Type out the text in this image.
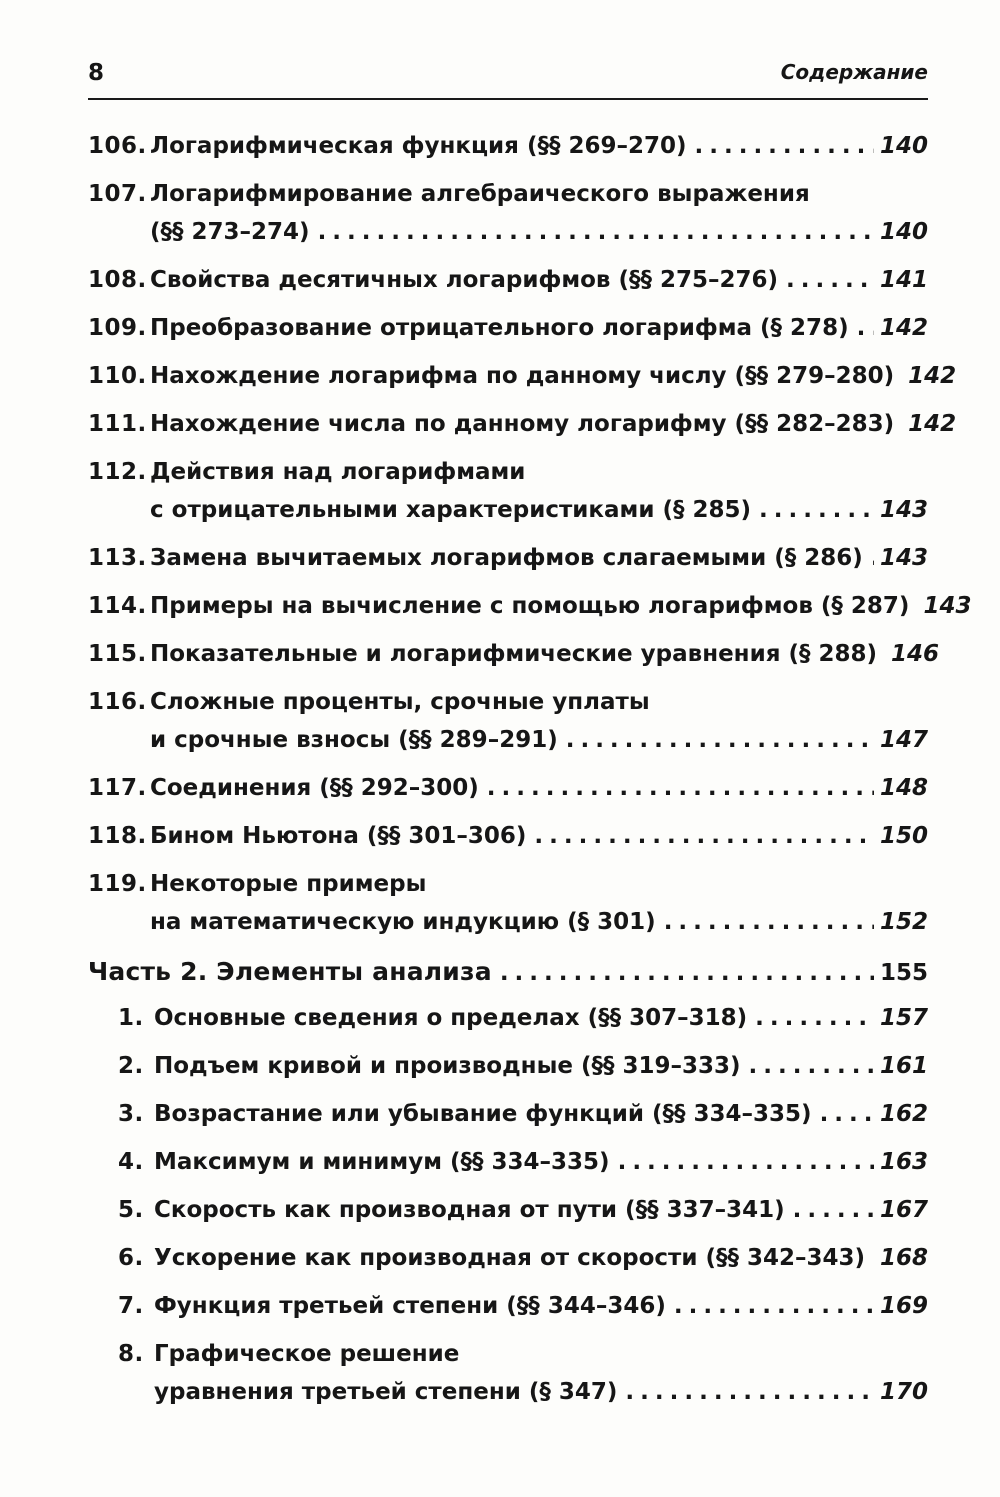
8	Содержание
106. Логарифмическая функция (§§ 269–270) .....	140
107. Логарифмирование алгебраического выражения
(§§ 273–274) .....	140
108. Свойства десятичных логарифмов (§§ 275–276) .....	141
109. Преобразование отрицательного логарифма (§ 278) ..... 142
110. Нахождение логарифма по данному числу (§§ 279–280) 142
111. Нахождение числа по данному логарифму (§§ 282–283) 142
112. Действия над логарифмами
с отрицательными характеристиками (§ 285) .....	143
113. Замена вычитаемых логарифмов слагаемыми (§ 286) ..... 143
114. Примеры на вычисление с помощью логарифмов (§ 287) 143
115. Показательные и логарифмические уравнения (§ 288) 146
116. Сложные проценты, срочные уплаты
и срочные взносы (§§ 289–291) .....	147
117. Соединения (§§ 292–300) .....	148
118. Бином Ньютона (§§ 301–306) .....	150
119. Некоторые примеры
на математическую индукцию (§ 301) .....	152
Часть 2. Элементы анализа .....	155
1. Основные сведения о пределах (§§ 307–318) .....	157
2. Подъем кривой и производные (§§ 319–333) .....	161
3. Возрастание или убывание функций (§§ 334–335) .....	162
4. Максимум и минимум (§§ 334–335) .....	163
5. Скорость как производная от пути (§§ 337–341) .....	167
6. Ускорение как производная от скорости (§§ 342–343) ..... 168
7. Функция третьей степени (§§ 344–346) .....	169
8. Графическое решение
уравнения третьей степени (§ 347) .....	170
